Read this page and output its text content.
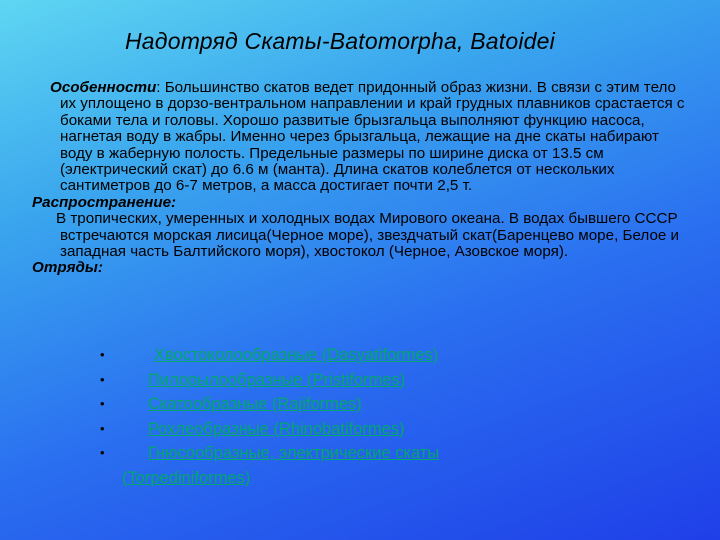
Надотряд Скаты-Batomorpha, Batoidei

Особенности: Большинство скатов ведет придонный образ жизни. В связи с этим тело их уплощено в дорзо-вентральном направлении и край грудных плавников срастается с боками тела и головы. Хорошо развитые брызгальца выполняют функцию насоса, нагнетая воду в жабры. Именно через брызгальца, лежащие на дне скаты набирают воду в жаберную полость. Предельные размеры по ширине диска от 13.5 см (электрический скат) до 6.6 м (манта). Длина скатов колеблется от нескольких сантиметров до 6-7 метров, а масса достигает почти 2,5 т.

Распространение:

В тропических, умеренных и холодных водах Мирового океана. В водах бывшего СССР встречаются морская лисица(Черное море), звездчатый скат(Баренцево море, Белое и западная часть Балтийского моря), хвостокол (Черное, Азовское моря).

Отряды:

•	Хвостоколообразные (Dasyatiformes)
•	Пилорылообразные (Pristiformes)
•	Скатообразные (Rajiformes)
•	Рохлеобразные (Rhinobatiformes)
•	Гнюсообразные, электрические скаты
(Torpediniformes)
